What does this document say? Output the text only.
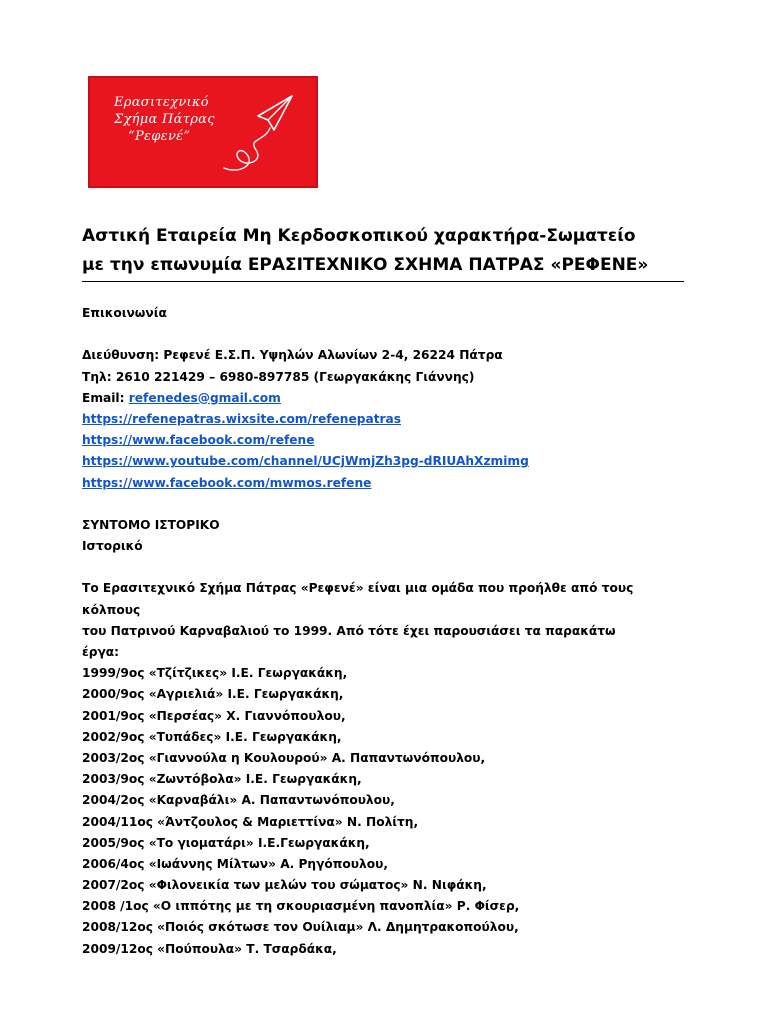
Ερασιτεχνικό
Σχήμα Πάτρας
“Ρεφενέ”
Αστική Εταιρεία Μη Κερδοσκοπικού χαρακτήρα-Σωματείο
με την επωνυμία ΕΡΑΣΙΤΕΧΝΙΚΟ ΣΧΗΜΑ ΠΑΤΡΑΣ «ΡΕΦΕΝΕ»
Επικοινωνία
Διεύθυνση: Ρεφενέ Ε.Σ.Π. Υψηλών Αλωνίων 2-4, 26224 Πάτρα
Τηλ: 2610 221429 – 6980-897785 (Γεωργακάκης Γιάννης)
Email: refenedes@gmail.com
https://refenepatras.wixsite.com/refenepatras
https://www.facebook.com/refene
https://www.youtube.com/channel/UCjWmjZh3pg-dRIUAhXzmimg
https://www.facebook.com/mwmos.refene
ΣΥΝΤΟΜΟ ΙΣΤΟΡΙΚΟ
Ιστορικό
Το Ερασιτεχνικό Σχήμα Πάτρας «Ρεφενέ» είναι μια ομάδα που προήλθε από τους
κόλπους
του Πατρινού Καρναβαλιού το 1999. Από τότε έχει παρουσιάσει τα παρακάτω
έργα:
1999/9ος «Τζίτζικες» Ι.Ε. Γεωργακάκη,
2000/9ος «Αγριελιά» Ι.Ε. Γεωργακάκη,
2001/9ος «Περσέας» Χ. Γιαννόπουλου,
2002/9ος «Τυπάδες» Ι.Ε. Γεωργακάκη,
2003/2ος «Γιαννούλα η Κουλουρού» Α. Παπαντωνόπουλου,
2003/9ος «Ζωντόβολα» Ι.Ε. Γεωργακάκη,
2004/2ος «Καρναβάλι» Α. Παπαντωνόπουλου,
2004/11ος «Άντζουλος & Μαριεττίνα» Ν. Πολίτη,
2005/9ος «Το γιοματάρι» Ι.Ε.Γεωργακάκη,
2006/4ος «Ιωάννης Μίλτων» Α. Ρηγόπουλου,
2007/2ος «Φιλονεικία των μελών του σώματος» Ν. Νιφάκη,
2008 /1ος «Ο ιππότης με τη σκουριασμένη πανοπλία» Ρ. Φίσερ,
2008/12ος «Ποιός σκότωσε τον Ουίλιαμ» Λ. Δημητρακοπούλου,
2009/12ος «Πούπουλα» Τ. Τσαρδάκα,
